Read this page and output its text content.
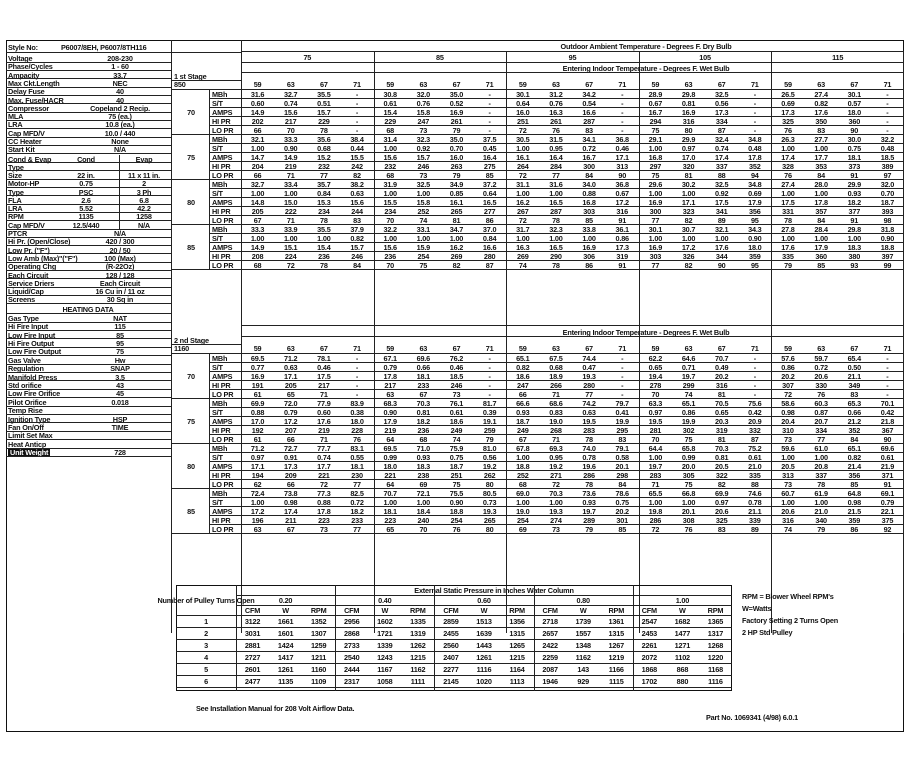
Style No:	P6007/8EH, P6007/8TH116
Voltage	208-230
Phase/Cycles	1 - 60
Ampacity	33.7
Max Ckt.Length	NEC
Delay Fuse	40
Max. Fuse/HACR	40
Compressor	Copeland 2 Recip.
MLA	75 (ea.)
LRA	10.8 (ea.)
Cap MFD/V	10.0 / 440
CC Heater	None
Start Kit	N/A
Cond & Evap	Cond	Evap
Type
Size	22 in.	11 x 11 in.
Motor-HP	0.75	2
Type	PSC	3 Ph
FLA	2.6	6.8
LRA	5.52	42.2
RPM	1135	1258
Cap MFD/V	12.5/440	N/A
PTCR	N/A
Hi Pr. (Open/Close)	420 / 300
Low Pr. ("F")	20 / 50
Low Amb (Max)"("F")	100 (Max)
Operating Chg	(R-22Oz)
Each Circuit	128 / 128
Service Driers	Each Circuit
Liquid/Cap	16 Cu in / 11 oz
Screens	30 Sq in
HEATING DATA
Gas Type	NAT
Hi Fire Input	115
Low Fire Input	85
Hi Fire Output	95
Low Fire Output	75
Gas Valve	Hw
Regulation	SNAP
Manifold Press	3.5
Std orifice	43
Low Fire Orifice	45
Pilot Orifice	0.018
Temp Rise
Ignition Type	HSP
Fan On/Off	TIME
Limit Set Max
Heat Anticp
Unit Weight	728
Outdoor Ambient Temperature - Degrees F. Dry Bulb
75	85	95	105	115
Entering Indoor Temperature - Degrees F. Wet Bulb
1 st Stage
850	59	63	67	71	59	63	67	71	59	63	67	71	59	63	67	71	59	63	67	71
70
MBh	31.6	32.7	35.5	-	30.8	32.0	35.0	-	30.1	31.2	34.2	-	28.9	29.8	32.5	-	26.5	27.4	30.1	-
S/T	0.60	0.74	0.51	-	0.61	0.76	0.52	-	0.64	0.76	0.54	-	0.67	0.81	0.56	-	0.69	0.82	0.57	-
AMPS	14.9	15.6	15.7	-	15.4	15.8	16.9	-	16.0	16.3	16.6	-	16.7	16.9	17.3	-	17.3	17.6	18.0	-
HI PR	202	217	229	-	229	247	261	-	251	261	287	-	294	316	334	-	325	350	360	-
LO PR	66	70	78	-	68	73	79	-	72	76	83	-	75	80	87	-	76	83	90	-
75
MBh	32.1	33.3	35.6	38.4	31.4	32.3	35.0	37.5	30.5	31.5	34.1	36.8	29.1	29.9	32.4	34.8	26.3	27.7	30.0	32.2
S/T	1.00	0.90	0.68	0.44	1.00	0.92	0.70	0.45	1.00	0.95	0.72	0.46	1.00	0.97	0.74	0.48	1.00	1.00	0.75	0.48
AMPS	14.7	14.9	15.2	15.5	15.6	15.7	16.0	16.4	16.1	16.4	16.7	17.1	16.8	17.0	17.4	17.8	17.4	17.7	18.1	18.5
HI PR	204	219	232	242	232	246	263	275	264	284	300	313	297	320	337	352	328	353	373	389
LO PR	66	71	77	82	68	73	79	85	72	77	84	90	75	81	88	94	76	84	91	97
80
MBh	32.7	33.4	35.7	38.2	31.9	32.5	34.9	37.2	31.1	31.6	34.0	36.8	29.6	30.2	32.5	34.8	27.4	28.0	29.9	32.0
S/T	1.00	1.00	0.84	0.63	1.00	1.00	0.85	0.64	1.00	1.00	0.88	0.67	1.00	1.00	0.92	0.69	1.00	1.00	0.93	0.70
AMPS	14.8	15.0	15.3	15.6	15.5	15.8	16.1	16.5	16.2	16.5	16.8	17.2	16.9	17.1	17.5	17.9	17.5	17.8	18.2	18.7
HI PR	205	222	234	244	234	252	265	277	267	287	303	316	300	323	341	356	331	357	377	393
LO PR	67	71	78	83	70	74	81	86	72	78	85	91	77	82	89	95	78	84	91	98
85
MBh	33.3	33.9	35.5	37.9	32.2	33.1	34.7	37.0	31.7	32.3	33.8	36.1	30.1	30.7	32.1	34.3	27.8	28.4	29.8	31.8
S/T	1.00	1.00	1.00	0.82	1.00	1.00	1.00	0.84	1.00	1.00	1.00	0.86	1.00	1.00	1.00	0.90	1.00	1.00	1.00	0.90
AMPS	14.9	15.1	15.4	15.7	15.6	15.9	16.2	16.6	16.3	16.5	16.9	17.3	16.9	17.2	17.6	18.0	17.6	17.9	18.3	18.8
HI PR	208	224	236	246	236	254	269	280	269	290	306	319	303	326	344	359	335	360	380	397
LO PR	68	72	78	84	70	75	82	87	74	78	86	91	77	82	90	95	79	85	93	99
Entering Indoor Temperature - Degrees F. Wet Bulb
2 nd Stage
1160	59	63	67	71	59	63	67	71	59	63	67	71	59	63	67	71	59	63	67	71
70
MBh	69.5	71.2	78.1	-	67.1	69.6	76.2	-	65.1	67.5	74.4	-	62.2	64.6	70.7	-	57.6	59.7	65.4	-
S/T	0.77	0.63	0.46	-	0.79	0.66	0.46	-	0.82	0.68	0.47	-	0.65	0.71	0.49	-	0.86	0.72	0.50	-
AMPS	16.9	17.1	17.5	-	17.8	18.1	18.5	-	18.6	18.9	19.3	-	19.4	19.7	20.2	-	20.2	20.6	21.1	-
HI PR	191	205	217	-	217	233	246	-	247	266	280	-	278	299	316	-	307	330	349	-
LO PR	61	65	71	-	63	67	73	-	66	71	77	-	70	74	81	-	72	76	83	-
75
MBh	69.9	72.0	77.9	83.9	68.3	70.3	76.1	81.7	66.6	68.6	74.2	79.7	63.3	65.1	70.5	75.6	58.6	60.3	65.3	70.1
S/T	0.88	0.79	0.60	0.38	0.90	0.81	0.61	0.39	0.93	0.83	0.63	0.41	0.97	0.86	0.65	0.42	0.98	0.87	0.66	0.42
AMPS	17.0	17.2	17.6	18.0	17.9	18.2	18.6	19.1	18.7	19.0	19.5	19.9	19.5	19.9	20.3	20.9	20.4	20.7	21.2	21.8
HI PR	192	207	219	228	219	236	249	259	249	268	283	295	281	302	319	332	310	334	352	367
LO PR	61	66	71	76	64	68	74	79	67	71	78	83	70	75	81	87	73	77	84	90
80
MBh	71.2	72.7	77.7	83.1	69.5	71.0	75.9	81.0	67.8	69.3	74.0	79.1	64.4	65.8	70.3	75.2	59.6	61.0	65.1	69.6
S/T	0.97	0.91	0.74	0.55	0.99	0.93	0.75	0.56	1.00	0.95	0.78	0.58	1.00	0.99	0.81	0.61	1.00	1.00	0.82	0.61
AMPS	17.1	17.3	17.7	18.1	18.0	18.3	18.7	19.2	18.8	19.2	19.6	20.1	19.7	20.0	20.5	21.0	20.5	20.8	21.4	21.9
HI PR	194	209	221	230	221	238	251	262	252	271	286	298	283	305	322	335	313	337	356	371
LO PR	62	66	72	77	64	69	75	80	68	72	78	84	71	75	82	88	73	78	85	91
85
MBh	72.4	73.8	77.3	82.5	70.7	72.1	75.5	80.5	69.0	70.3	73.6	78.6	65.5	66.8	69.9	74.6	60.7	61.9	64.8	69.1
S/T	1.00	0.98	0.88	0.72	1.00	1.00	0.90	0.73	1.00	1.00	0.93	0.75	1.00	1.00	0.97	0.78	1.00	1.00	0.98	0.79
AMPS	17.2	17.4	17.8	18.2	18.1	18.4	18.8	19.3	19.0	19.3	19.7	20.2	19.8	20.1	20.6	21.1	20.6	21.0	21.5	22.1
HI PR	196	211	223	233	223	240	254	265	254	274	289	301	286	308	325	339	316	340	359	375
LO PR	63	67	73	77	65	70	76	80	69	73	79	85	72	76	83	89	74	79	86	92
External Static Pressure in Inches Water Column
0.20	0.40	0.60	0.80	1.00
Number of Pulley Turns Open
CFM	W	RPM CFM	W	RPM CFM	W	RPM CFM	W	RPM CFM	W	RPM
1	3122 1661 1352 2956 1602 1335 2859 1513 1356 2718 1739 1361 2547 1682 1365
2	3031 1601 1307 2868 1721 1319 2455 1639 1315 2657 1557 1315 2453 1477 1317
3	2881 1424 1259 2733 1339 1262 2560 1443 1265 2422 1348 1267 2261 1271 1268
4	2727 1417 1211 2540 1243 1215 2407 1261 1215 2259 1162 1219 2072 1102 1220
5	2601 1261 1160 2444 1167 1162 2277 1116 1164 2087	143	1166 1868	868	1168
6	2477 1135 1109 2317 1058 1111 2145 1020 1113 1946	929	1115 1702	880	1116
RPM = Blower Wheel RPM's
W=Watts
Factory Setting 2 Turns Open
2 HP Std Pulley
See Installation Manual for 208 Volt Airflow Data.
Part No. 1069341 (4/98) 6.0.1
